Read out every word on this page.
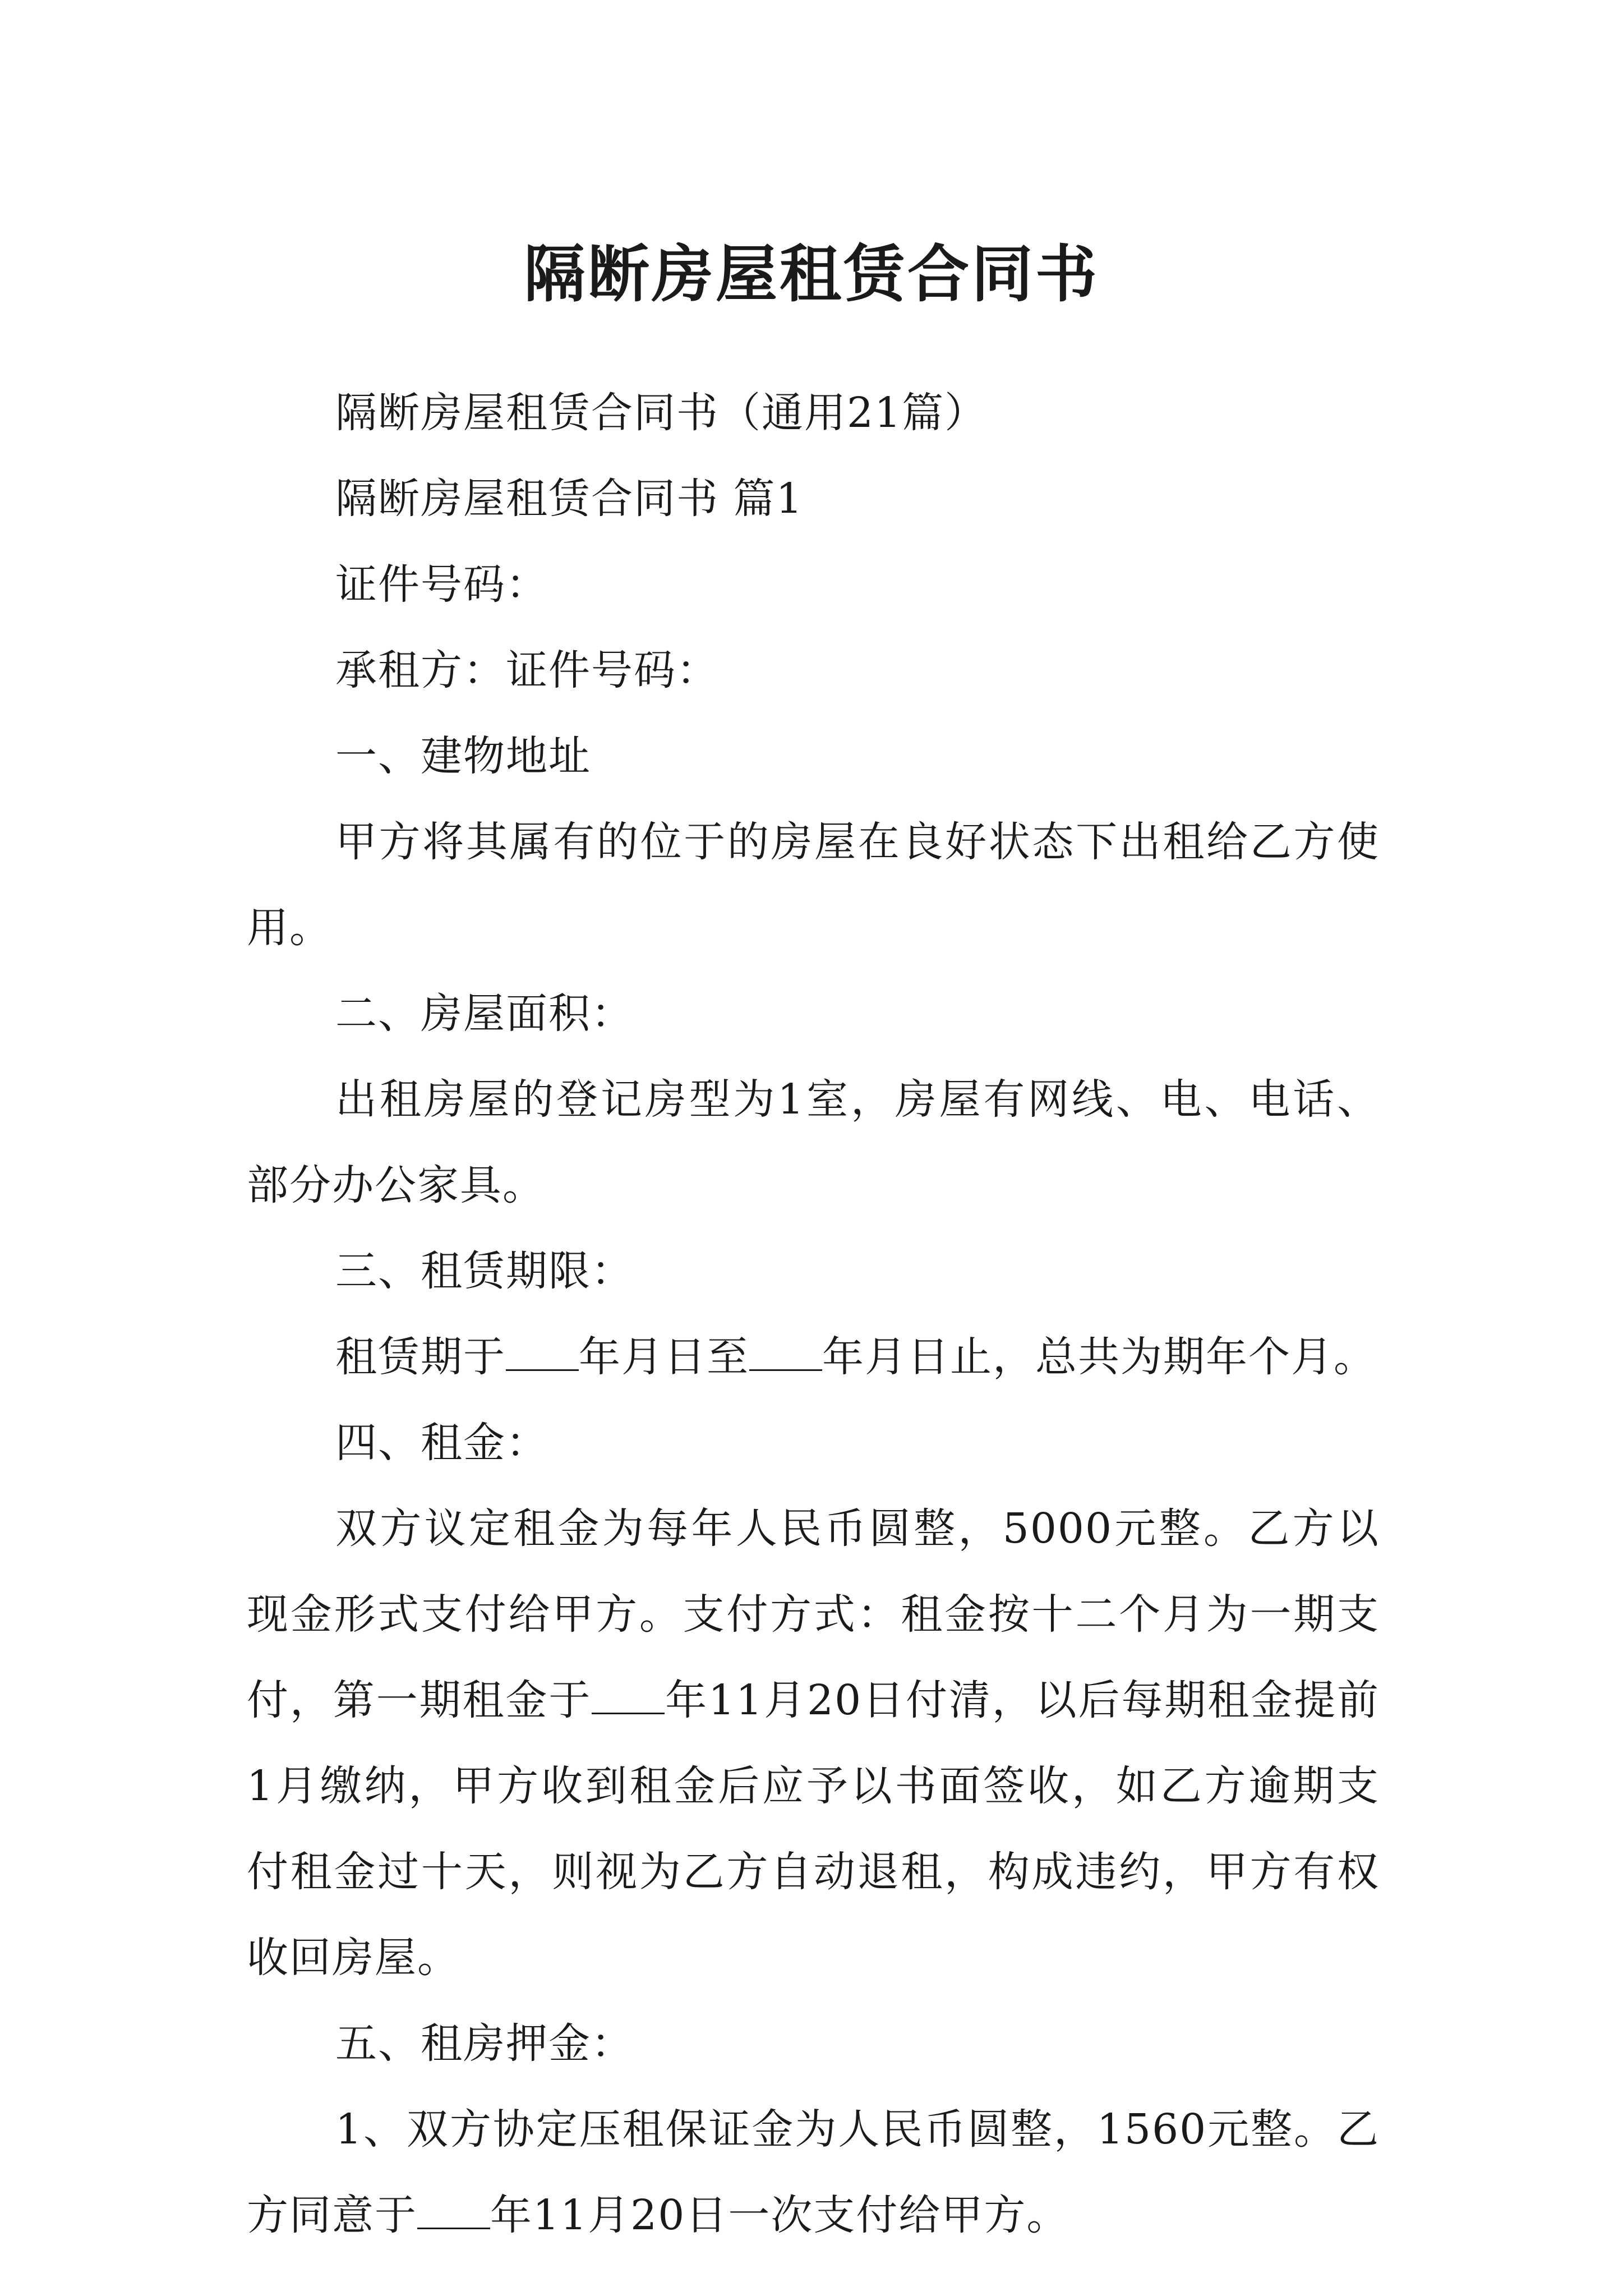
隔断房屋租赁合同书

隔断房屋租赁合同书（通用21篇）

隔断房屋租赁合同书 篇1

证件号码：

承租方：证件号码：

一、建物地址

甲方将其属有的位于的房屋在良好状态下出租给乙方使用。

二、房屋面积：

出租房屋的登记房型为1室，房屋有网线、电、电话、部分办公家具。

三、租赁期限：

租赁期于 年月日至 年月日止，总共为期年个月。

四、租金：

双方议定租金为每年人民币圆整，5000元整。乙方以现金形式支付给甲方。支付方式：租金按十二个月为一期支付，第一期租金于 年11月20日付清，以后每期租金提前1月缴纳，甲方收到租金后应予以书面签收，如乙方逾期支付租金过十天，则视为乙方自动退租，构成违约，甲方有权收回房屋。

五、租房押金：

1、双方协定压租保证金为人民币圆整，1560元整。乙方同意于 年11月20日一次支付给甲方。
